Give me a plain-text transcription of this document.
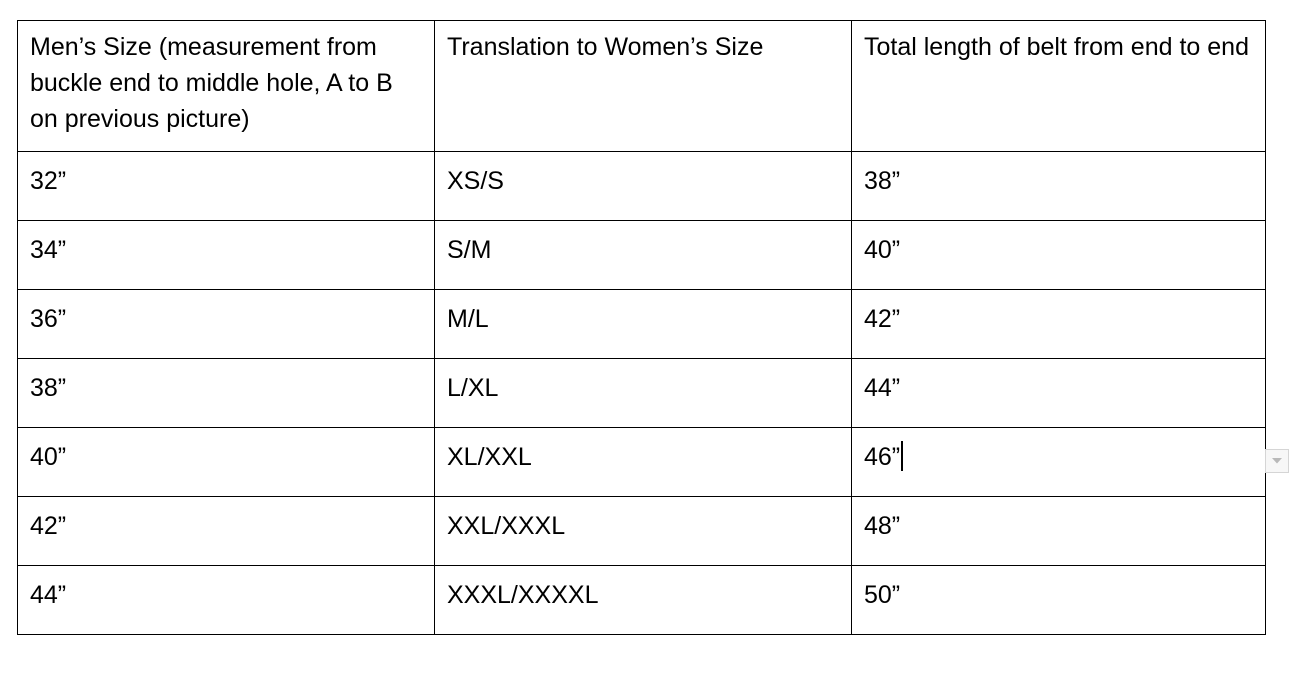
Men’s Size (measurement from buckle end to middle hole, A to B on previous picture)	Translation to Women’s Size	Total length of belt from end to end

32”	XS/S	38”

34”	S/M	40”

36”	M/L	42”

38”	L/XL	44”

40”	XL/XXL	46”

42”	XXL/XXXL	48”

44”	XXXL/XXXXL	50”
